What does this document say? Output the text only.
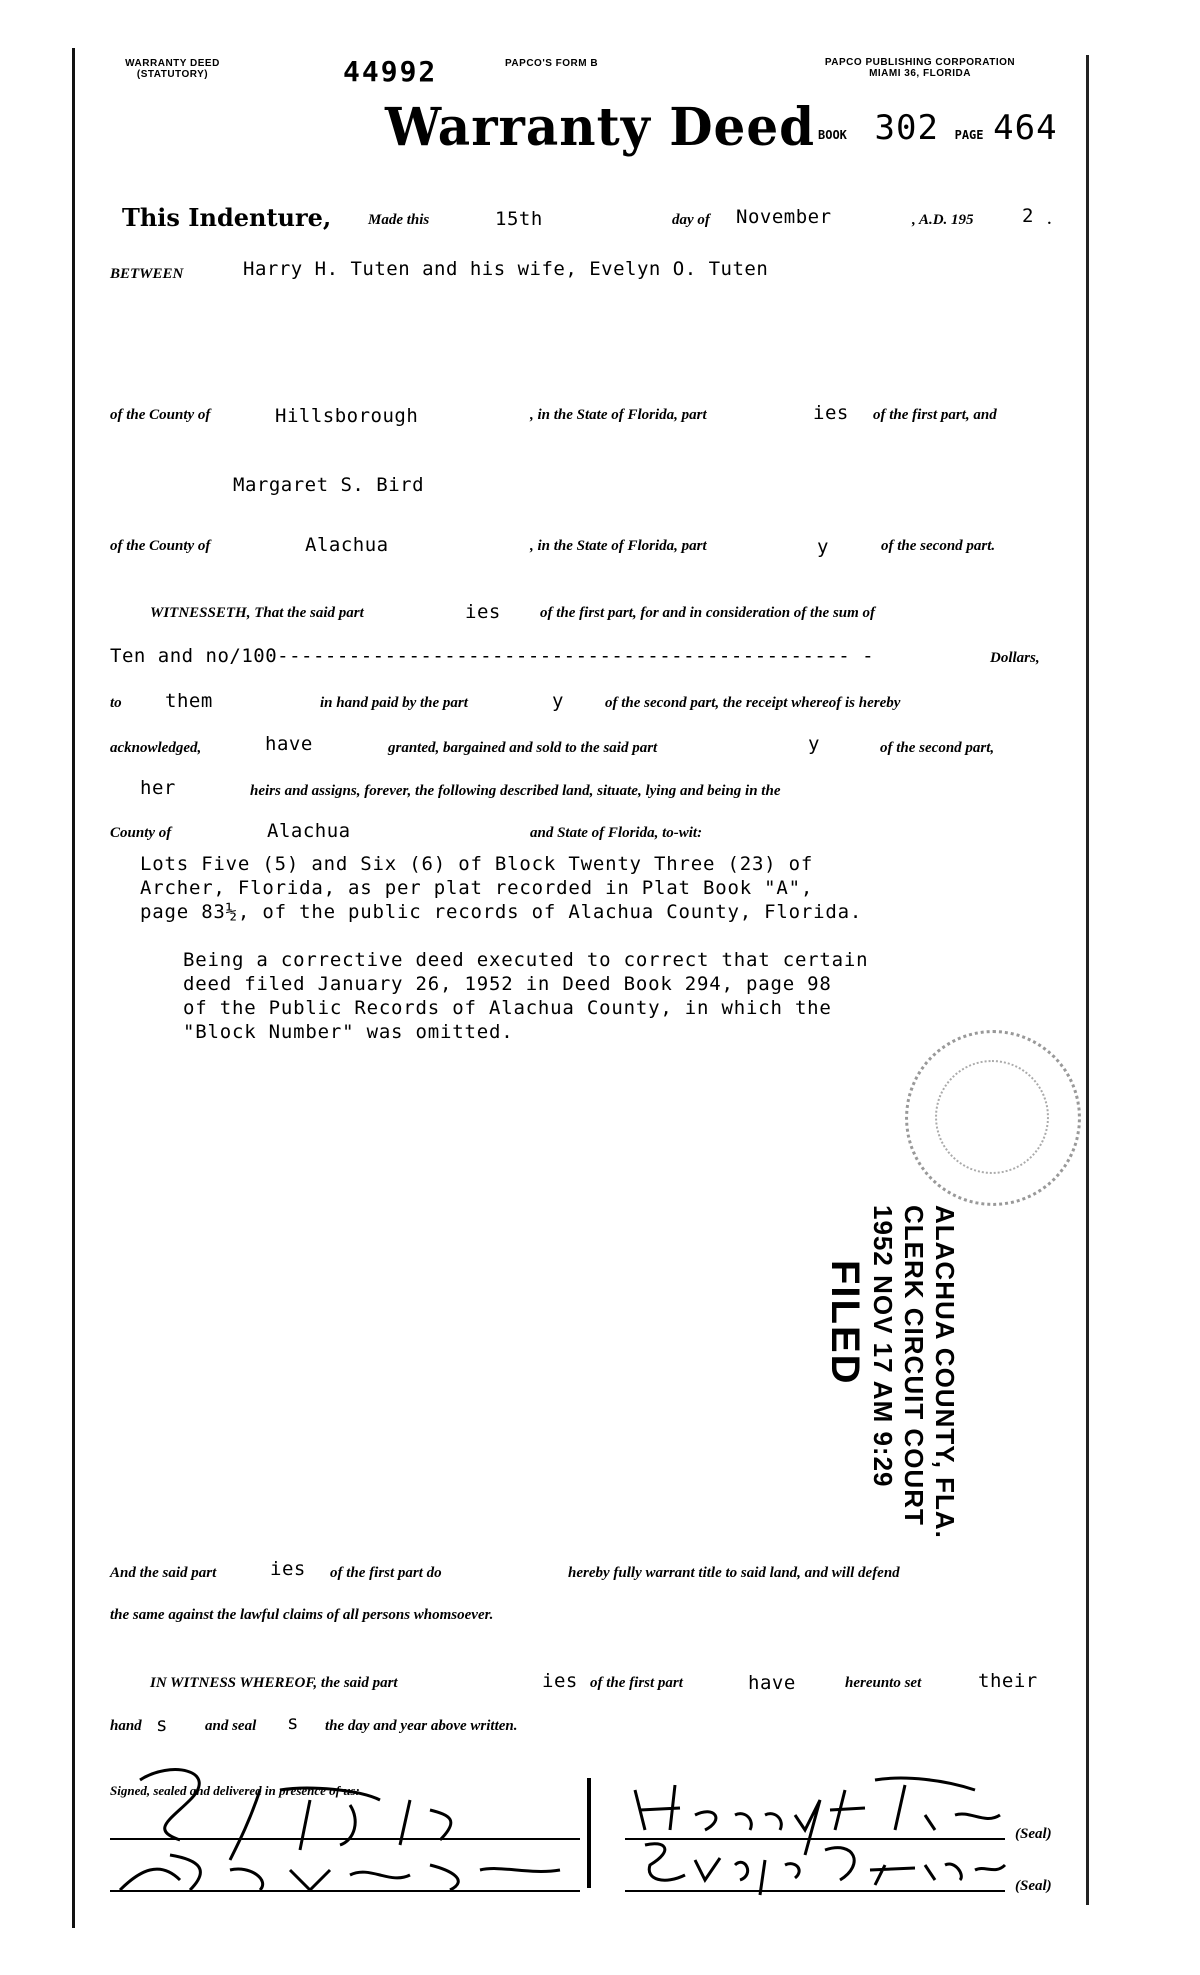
WARRANTY DEED
(STATUTORY)	44992	PAPCO'S FORM B	PAPCO PUBLISHING CORPORATION
MIAMI 36, FLORIDA
Warranty Deed BOOK 302 PAGE 464
This Indenture, Made this	15th	day of November	, A.D. 195	2 .
BETWEEN	Harry H. Tuten and his wife, Evelyn O. Tuten
of the County of	Hillsborough	, in the State of Florida, part	ies of the first part, and
Margaret S. Bird
of the County of	Alachua	, in the State of Florida, part	y	of the second part.
WITNESSETH, That the said part	ies	of the first part, for and in consideration of the sum of
Ten and no/100------------------------------------------------ -	Dollars,
to them	in hand paid by the part	y	of the second part, the receipt whereof is hereby
acknowledged,	have	granted, bargained and sold to the said part	y	of the second part,
her	heirs and assigns, forever, the following described land, situate, lying and being in the
County of	Alachua	and State of Florida, to-wit:
Lots Five (5) and Six (6) of Block Twenty Three (23) of
Archer, Florida, as per plat recorded in Plat Book "A",
page 83½, of the public records of Alachua County, Florida.
Being a corrective deed executed to correct that certain
deed filed January 26, 1952 in Deed Book 294, page 98
of the Public Records of Alachua County, in which the
"Block Number" was omitted.
ALACHUA COUNTY, FLA.
CLERK CIRCUIT COURT
1952 NOV 17 AM 9:29
FILED
And the said part	ies of the first part do	hereby fully warrant title to said land, and will defend
the same against the lawful claims of all persons whomsoever.
IN WITNESS WHEREOF, the said part	ies of the first part	have	hereunto set	their
hand s and seal s the day and year above written.
Signed, sealed and delivered in presence of us:
(Seal)
(Seal)
